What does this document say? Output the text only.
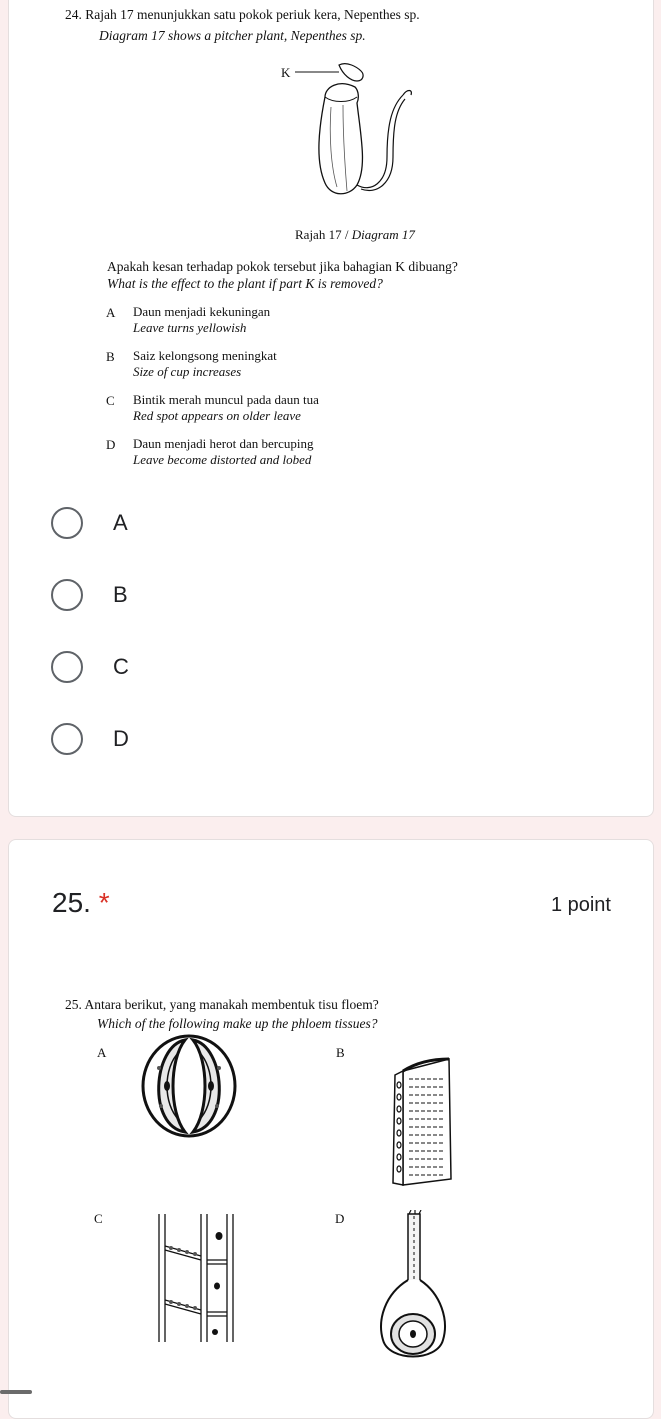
24. Rajah 17 menunjukkan satu pokok periuk kera, Nepenthes sp.
Diagram 17 shows a pitcher plant, Nepenthes sp.
K
Rajah 17 / Diagram 17
Apakah kesan terhadap pokok tersebut jika bahagian K dibuang?
What is the effect to the plant if part K is removed?
A Daun menjadi kekuningan
Leave turns yellowish
B Saiz kelongsong meningkat
Size of cup increases
C Bintik merah muncul pada daun tua
Red spot appears on older leave
D Daun menjadi herot dan bercuping
Leave become distorted and lobed
A
B
C
D
25. *	1 point
25. Antara berikut, yang manakah membentuk tisu floem?
Which of the following make up the phloem tissues?
A	B
C	D
